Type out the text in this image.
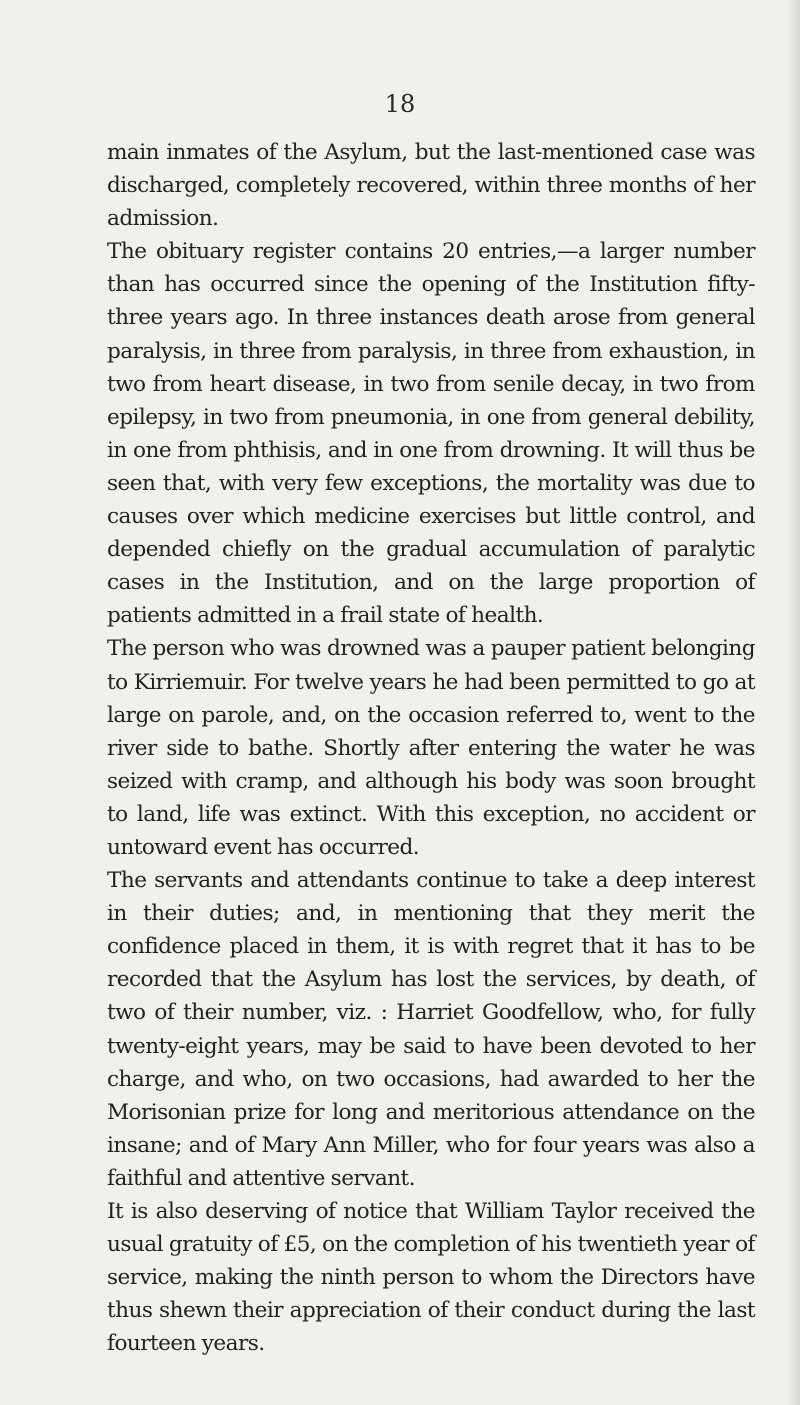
18

main inmates of the Asylum, but the last-mentioned case was discharged, completely recovered, within three months of her admission.

The obituary register contains 20 entries,—a larger number than has occurred since the opening of the Institution fifty-three years ago. In three instances death arose from general paralysis, in three from paralysis, in three from exhaustion, in two from heart disease, in two from senile decay, in two from epilepsy, in two from pneumonia, in one from general debility, in one from phthisis, and in one from drowning. It will thus be seen that, with very few exceptions, the mortality was due to causes over which medicine exercises but little control, and depended chiefly on the gradual accumulation of paralytic cases in the Institution, and on the large proportion of patients admitted in a frail state of health.

The person who was drowned was a pauper patient belonging to Kirriemuir. For twelve years he had been permitted to go at large on parole, and, on the occasion referred to, went to the river side to bathe. Shortly after entering the water he was seized with cramp, and although his body was soon brought to land, life was extinct. With this exception, no accident or untoward event has occurred.

The servants and attendants continue to take a deep interest in their duties; and, in mentioning that they merit the confidence placed in them, it is with regret that it has to be recorded that the Asylum has lost the services, by death, of two of their number, viz. : Harriet Goodfellow, who, for fully twenty-eight years, may be said to have been devoted to her charge, and who, on two occasions, had awarded to her the Morisonian prize for long and meritorious attendance on the insane; and of Mary Ann Miller, who for four years was also a faithful and attentive servant.

It is also deserving of notice that William Taylor received the usual gratuity of £5, on the completion of his twentieth year of service, making the ninth person to whom the Directors have thus shewn their appreciation of their conduct during the last fourteen years.
